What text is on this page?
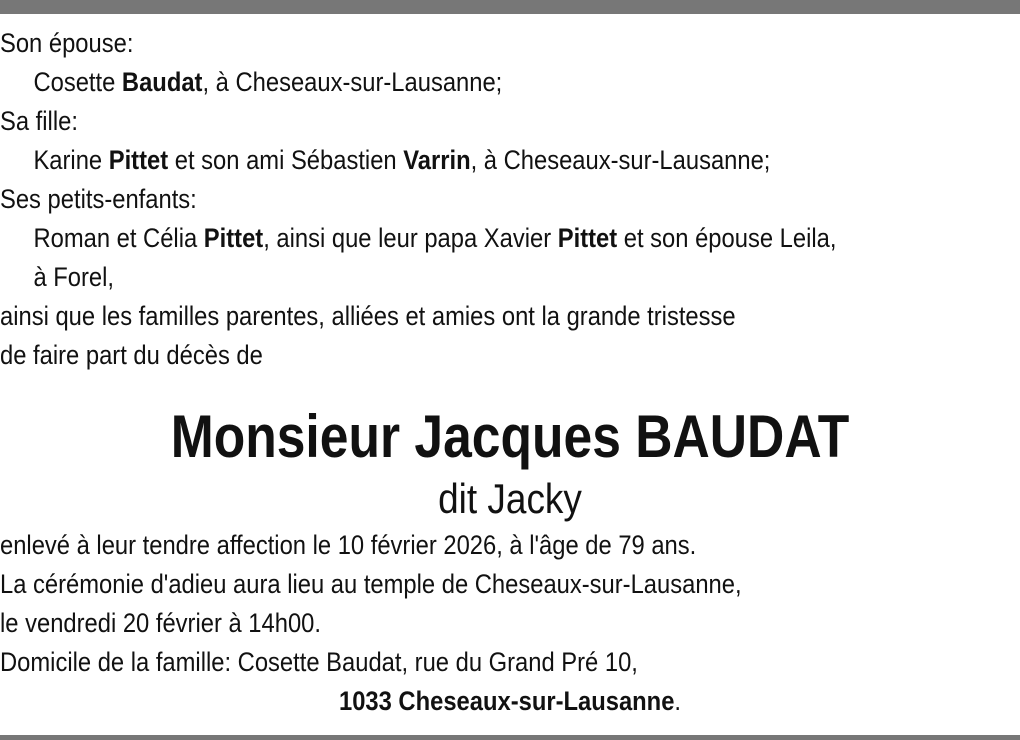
Son épouse:
Cosette Baudat, à Cheseaux-sur-Lausanne;
Sa fille:
Karine Pittet et son ami Sébastien Varrin, à Cheseaux-sur-Lausanne;
Ses petits-enfants:
Roman et Célia Pittet, ainsi que leur papa Xavier Pittet et son épouse Leila,
à Forel,
ainsi que les familles parentes, alliées et amies ont la grande tristesse
de faire part du décès de
Monsieur Jacques BAUDAT
dit Jacky
enlevé à leur tendre affection le 10 février 2026, à l'âge de 79 ans.
La cérémonie d'adieu aura lieu au temple de Cheseaux-sur-Lausanne,
le vendredi 20 février à 14h00.
Domicile de la famille: Cosette Baudat, rue du Grand Pré 10,
1033 Cheseaux-sur-Lausanne.
